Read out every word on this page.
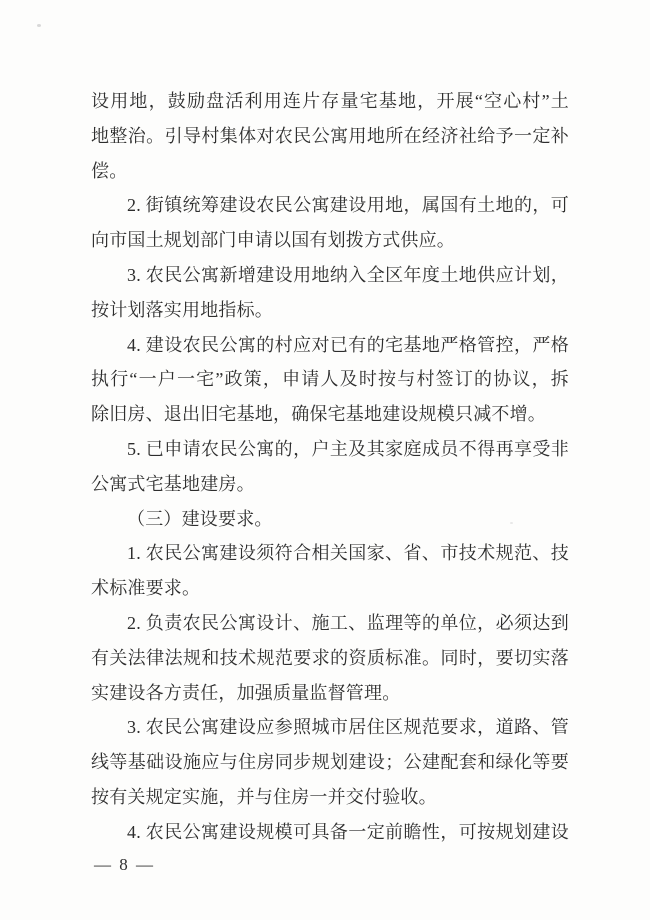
设用地，鼓励盘活利用连片存量宅基地，开展“空心村”土
地整治。引导村集体对农民公寓用地所在经济社给予一定补
偿。
2. 街镇统筹建设农民公寓建设用地，属国有土地的，可
向市国土规划部门申请以国有划拨方式供应。
3. 农民公寓新增建设用地纳入全区年度土地供应计划，
按计划落实用地指标。
4. 建设农民公寓的村应对已有的宅基地严格管控，严格
执行“一户一宅”政策，申请人及时按与村签订的协议，拆
除旧房、退出旧宅基地，确保宅基地建设规模只减不增。
5. 已申请农民公寓的，户主及其家庭成员不得再享受非
公寓式宅基地建房。
（三）建设要求。
1. 农民公寓建设须符合相关国家、省、市技术规范、技
术标准要求。
2. 负责农民公寓设计、施工、监理等的单位，必须达到
有关法律法规和技术规范要求的资质标准。同时，要切实落
实建设各方责任，加强质量监督管理。
3. 农民公寓建设应参照城市居住区规范要求，道路、管
线等基础设施应与住房同步规划建设；公建配套和绿化等要
按有关规定实施，并与住房一并交付验收。
4. 农民公寓建设规模可具备一定前瞻性，可按规划建设
— 8 —
